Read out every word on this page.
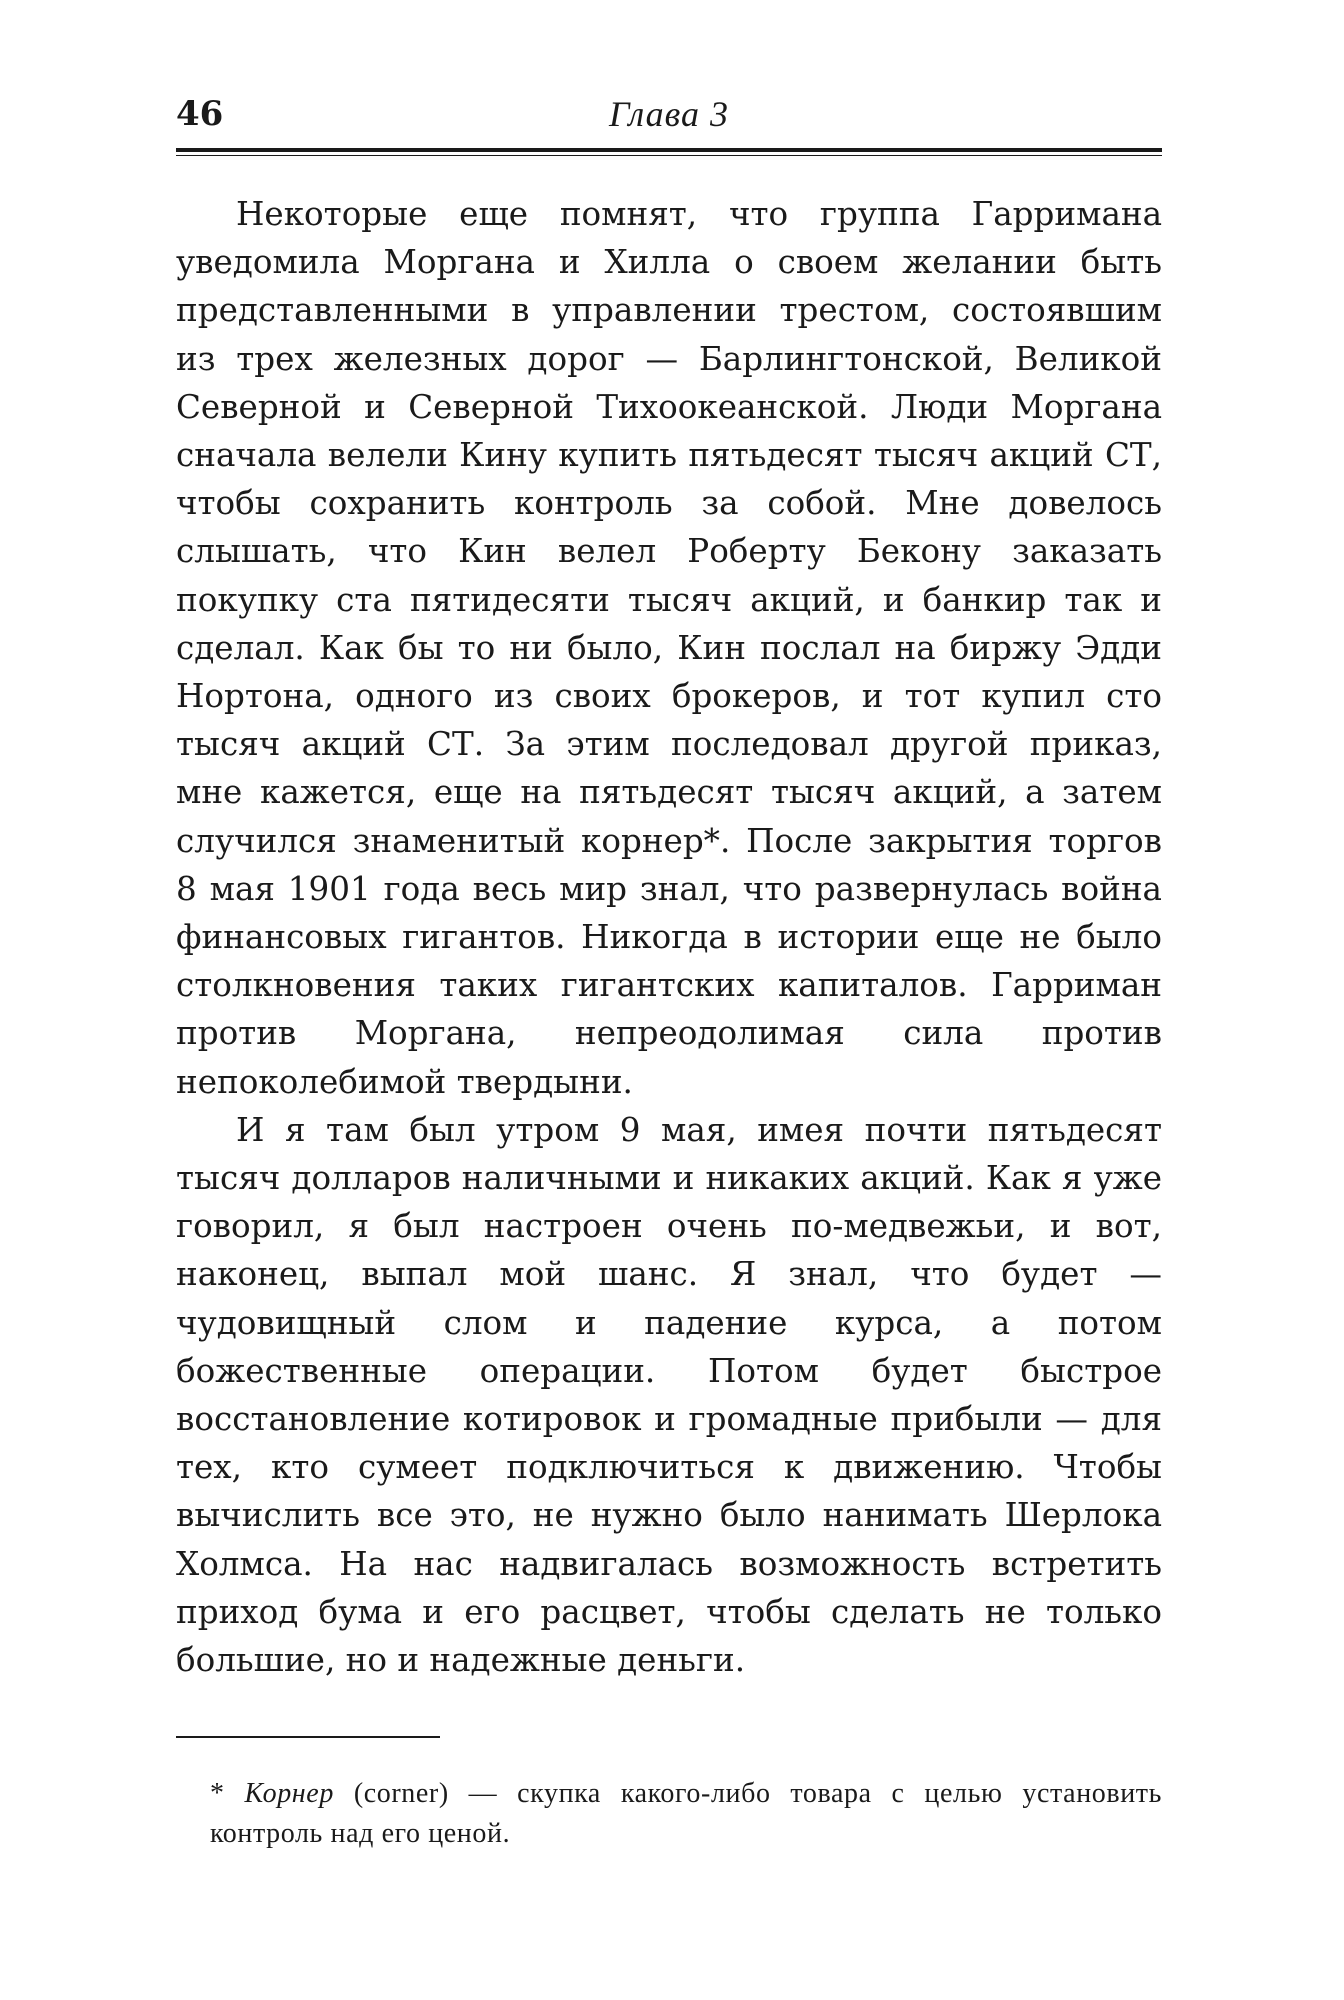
46	Глава 3

Некоторые еще помнят, что группа Гарримана уведомила Моргана и Хилла о своем желании быть представленными в управлении трестом, состоявшим из трех железных дорог — Барлингтонской, Великой Северной и Северной Тихоокеанской. Люди Моргана сначала велели Кину купить пятьдесят тысяч акций СТ, чтобы сохранить контроль за собой. Мне довелось слышать, что Кин велел Роберту Бекону заказать покупку ста пятидесяти тысяч акций, и банкир так и сделал. Как бы то ни было, Кин послал на биржу Эдди Нортона, одного из своих брокеров, и тот купил сто тысяч акций СТ. За этим последовал другой приказ, мне кажется, еще на пятьдесят тысяч акций, а затем случился знаменитый корнер*. После закрытия торгов 8 мая 1901 года весь мир знал, что развернулась война финансовых гигантов. Никогда в истории еще не было столкновения таких гигантских капиталов. Гарриман против Моргана, непреодолимая сила против непоколебимой твердыни.

И я там был утром 9 мая, имея почти пятьдесят тысяч долларов наличными и никаких акций. Как я уже говорил, я был настроен очень по-медвежьи, и вот, наконец, выпал мой шанс. Я знал, что будет — чудовищный слом и падение курса, а потом божественные операции. Потом будет быстрое восстановление котировок и громадные прибыли — для тех, кто сумеет подключиться к движению. Чтобы вычислить все это, не нужно было нанимать Шерлока Холмса. На нас надвигалась возможность встретить приход бума и его расцвет, чтобы сделать не только большие, но и надежные деньги.

* Корнер (corner) — скупка какого-либо товара с целью установить контроль над его ценой.
